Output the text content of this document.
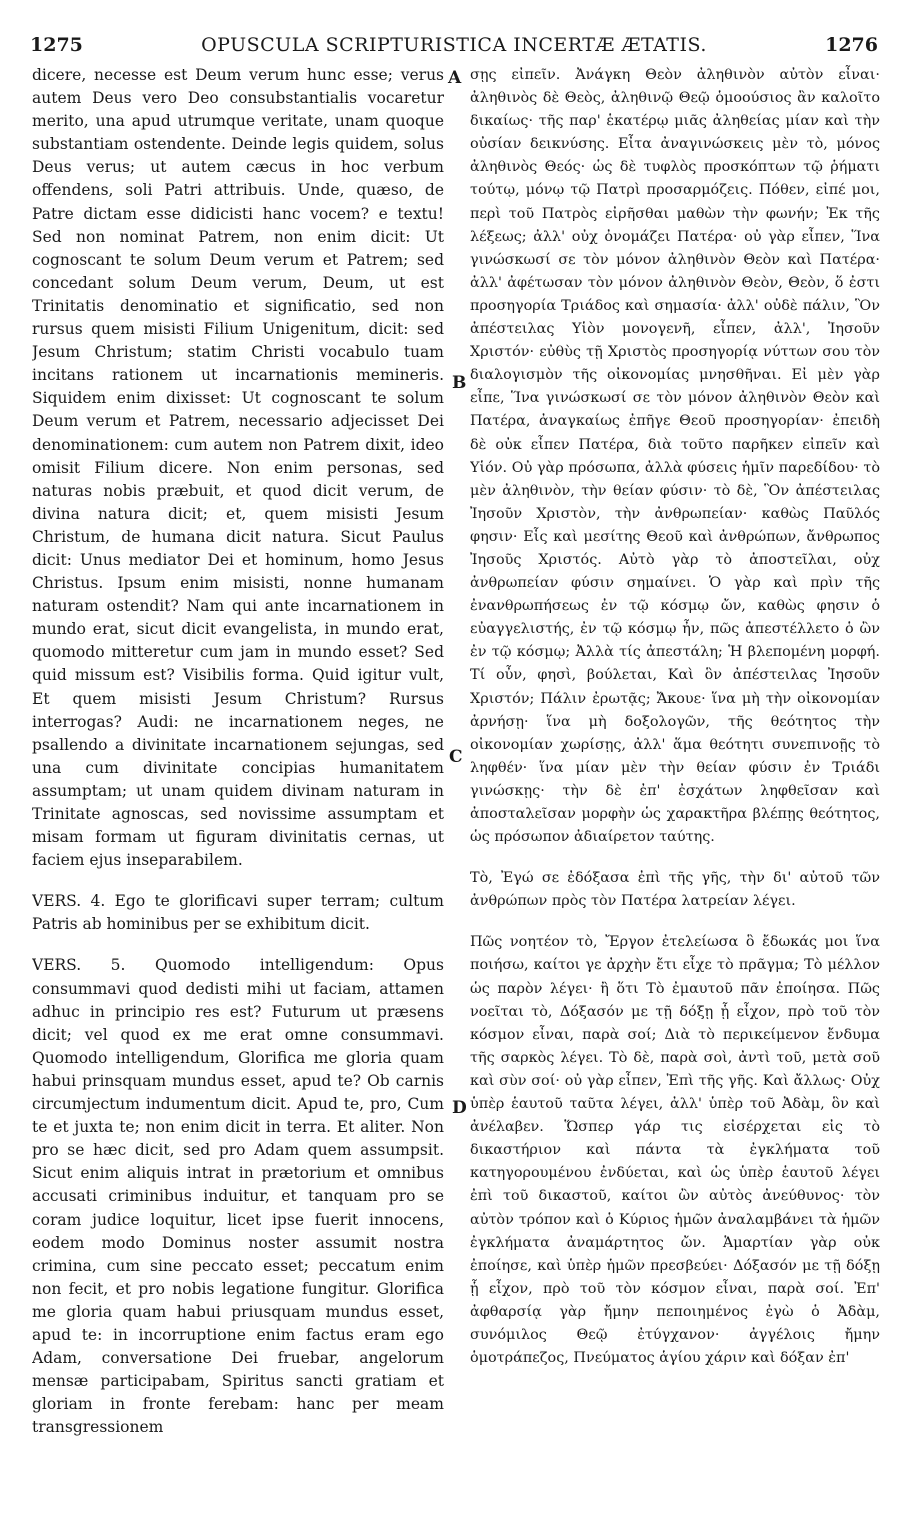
1275	OPUSCULA SCRIPTURISTICA INCERTÆ ÆTATIS.	1276

dicere, necesse est Deum verum hunc esse; verus autem Deus vero Deo consubstantialis vocaretur merito, una apud utrumque veritate, unam quoque substantiam ostendente. Deinde legis quidem, solus Deus verus; ut autem cæcus in hoc verbum offendens, soli Patri attribuis. Unde, quæso, de Patre dictam esse didicisti hanc vocem? e textu! Sed non nominat Patrem, non enim dicit: Ut cognoscant te solum Deum verum et Patrem; sed concedant solum Deum verum, Deum, ut est Trinitatis denominatio et significatio, sed non rursus quem misisti Filium Unigenitum, dicit: sed Jesum Christum; statim Christi vocabulo tuam incitans rationem ut incarnationis memineris. Siquidem enim dixisset: Ut cognoscant te solum Deum verum et Patrem, necessario adjecisset Dei denominationem: cum autem non Patrem dixit, ideo omisit Filium dicere. Non enim personas, sed naturas nobis præbuit, et quod dicit verum, de divina natura dicit; et, quem misisti Jesum Christum, de humana dicit natura. Sicut Paulus dicit: Unus mediator Dei et hominum, homo Jesus Christus. Ipsum enim misisti, nonne humanam naturam ostendit? Nam qui ante incarnationem in mundo erat, sicut dicit evangelista, in mundo erat, quomodo mitteretur cum jam in mundo esset? Sed quid missum est? Visibilis forma. Quid igitur vult, Et quem misisti Jesum Christum? Rursus interrogas? Audi: ne incarnationem neges, ne psallendo a divinitate incarnationem sejungas, sed una cum divinitate concipias humanitatem assumptam; ut unam quidem divinam naturam in Trinitate agnoscas, sed novissime assumptam et misam formam ut figuram divinitatis cernas, ut faciem ejus inseparabilem.

VERS. 4. Ego te glorificavi super terram; cultum Patris ab hominibus per se exhibitum dicit.

VERS. 5. Quomodo intelligendum: Opus consummavi quod dedisti mihi ut faciam, attamen adhuc in principio res est? Futurum ut præsens dicit; vel quod ex me erat omne consummavi. Quomodo intelligendum, Glorifica me gloria quam habui prinsquam mundus esset, apud te? Ob carnis circumjectum indumentum dicit. Apud te, pro, Cum te et juxta te; non enim dicit in terra. Et aliter. Non pro se hæc dicit, sed pro Adam quem assumpsit. Sicut enim aliquis intrat in prætorium et omnibus accusati criminibus induitur, et tanquam pro se coram judice loquitur, licet ipse fuerit innocens, eodem modo Dominus noster assumit nostra crimina, cum sine peccato esset; peccatum enim non fecit, et pro nobis legatione fungitur. Glorifica me gloria quam habui priusquam mundus esset, apud te: in incorruptione enim factus eram ego Adam, conversatione Dei fruebar, angelorum mensæ participabam, Spiritus sancti gratiam et gloriam in fronte ferebam: hanc per meam transgressionem

A
B
C
D

σῃς εἰπεῖν. Ἀνάγκη Θεὸν ἀληθινὸν αὐτὸν εἶναι· ἀληθινὸς δὲ Θεὸς, ἀληθινῷ Θεῷ ὁμοούσιος ἂν καλοῖτο δικαίως· τῆς παρ' ἑκατέρῳ μιᾶς ἀληθείας μίαν καὶ τὴν οὐσίαν δεικνύσης. Εἶτα ἀναγινώσκεις μὲν τὸ, μόνος ἀληθινὸς Θεός· ὡς δὲ τυφλὸς προσκόπτων τῷ ῥήματι τούτῳ, μόνῳ τῷ Πατρὶ προσαρμόζεις. Πόθεν, εἰπέ μοι, περὶ τοῦ Πατρὸς εἰρῆσθαι μαθὼν τὴν φωνήν; Ἐκ τῆς λέξεως; ἀλλ' οὐχ ὀνομάζει Πατέρα· οὐ γὰρ εἶπεν, Ἵνα γινώσκωσί σε τὸν μόνον ἀληθινὸν Θεὸν καὶ Πατέρα· ἀλλ' ἀφέτωσαν τὸν μόνον ἀληθινὸν Θεὸν, Θεὸν, ὅ ἐστι προσηγορία Τριάδος καὶ σημασία· ἀλλ' οὐδὲ πάλιν, Ὃν ἀπέστειλας Υἱὸν μονογενῆ, εἶπεν, ἀλλ', Ἰησοῦν Χριστόν· εὐθὺς τῇ Χριστὸς προσηγορίᾳ νύττων σου τὸν διαλογισμὸν τῆς οἰκονομίας μνησθῆναι. Εἰ μὲν γὰρ εἶπε, Ἵνα γινώσκωσί σε τὸν μόνον ἀληθινὸν Θεὸν καὶ Πατέρα, ἀναγκαίως ἐπῆγε Θεοῦ προσηγορίαν· ἐπειδὴ δὲ οὐκ εἶπεν Πατέρα, διὰ τοῦτο παρῆκεν εἰπεῖν καὶ Υἱόν. Οὐ γὰρ πρόσωπα, ἀλλὰ φύσεις ἡμῖν παρεδίδου· τὸ μὲν ἀληθινὸν, τὴν θείαν φύσιν· τὸ δὲ, Ὃν ἀπέστειλας Ἰησοῦν Χριστὸν, τὴν ἀνθρωπείαν· καθὼς Παῦλός φησιν· Εἷς καὶ μεσίτης Θεοῦ καὶ ἀνθρώπων, ἄνθρωπος Ἰησοῦς Χριστός. Αὐτὸ γὰρ τὸ ἀποστεῖλαι, οὐχ ἀνθρωπείαν φύσιν σημαίνει. Ὁ γὰρ καὶ πρὶν τῆς ἐνανθρωπήσεως ἐν τῷ κόσμῳ ὤν, καθὼς φησιν ὁ εὐαγγελιστής, ἐν τῷ κόσμῳ ἦν, πῶς ἀπεστέλλετο ὁ ὢν ἐν τῷ κόσμῳ; Ἀλλὰ τίς ἀπεστάλη; Ἡ βλεπομένη μορφή. Τί οὖν, φησὶ, βούλεται, Καὶ ὃν ἀπέστειλας Ἰησοῦν Χριστόν; Πάλιν ἐρωτᾷς; Ἄκουε· ἵνα μὴ τὴν οἰκονομίαν ἀρνήσῃ· ἵνα μὴ δοξολογῶν, τῆς θεότητος τὴν οἰκονομίαν χωρίσῃς, ἀλλ' ἅμα θεότητι συνεπινοῇς τὸ ληφθέν· ἵνα μίαν μὲν τὴν θείαν φύσιν ἐν Τριάδι γινώσκῃς· τὴν δὲ ἐπ' ἐσχάτων ληφθεῖσαν καὶ ἀποσταλεῖσαν μορφὴν ὡς χαρακτῆρα βλέπῃς θεότητος, ὡς πρόσωπον ἀδιαίρετον ταύτης.

Τὸ, Ἐγώ σε ἐδόξασα ἐπὶ τῆς γῆς, τὴν δι' αὐτοῦ τῶν ἀνθρώπων πρὸς τὸν Πατέρα λατρείαν λέγει.

Πῶς νοητέον τὸ, Ἔργον ἐτελείωσα ὃ ἔδωκάς μοι ἵνα ποιήσω, καίτοι γε ἀρχὴν ἔτι εἶχε τὸ πρᾶγμα; Τὸ μέλλον ὡς παρὸν λέγει· ἢ ὅτι Τὸ ἐμαυτοῦ πᾶν ἐποίησα. Πῶς νοεῖται τὸ, Δόξασόν με τῇ δόξῃ ᾗ εἶχον, πρὸ τοῦ τὸν κόσμον εἶναι, παρὰ σοί; Διὰ τὸ περικείμενον ἔνδυμα τῆς σαρκὸς λέγει. Τὸ δὲ, παρὰ σοὶ, ἀντὶ τοῦ, μετὰ σοῦ καὶ σὺν σοί· οὐ γὰρ εἶπεν, Ἐπὶ τῆς γῆς. Καὶ ἄλλως· Οὐχ ὑπὲρ ἑαυτοῦ ταῦτα λέγει, ἀλλ' ὑπὲρ τοῦ Ἀδὰμ, ὃν καὶ ἀνέλαβεν. Ὥσπερ γάρ τις εἰσέρχεται εἰς τὸ δικαστήριον καὶ πάντα τὰ ἐγκλήματα τοῦ κατηγορουμένου ἐνδύεται, καὶ ὡς ὑπὲρ ἑαυτοῦ λέγει ἐπὶ τοῦ δικαστοῦ, καίτοι ὢν αὐτὸς ἀνεύθυνος· τὸν αὐτὸν τρόπον καὶ ὁ Κύριος ἡμῶν ἀναλαμβάνει τὰ ἡμῶν ἐγκλήματα ἀναμάρτητος ὤν. Ἁμαρτίαν γὰρ οὐκ ἐποίησε, καὶ ὑπὲρ ἡμῶν πρεσβεύει· Δόξασόν με τῇ δόξῃ ᾗ εἶχον, πρὸ τοῦ τὸν κόσμον εἶναι, παρὰ σοί. Ἐπ' ἀφθαρσίᾳ γὰρ ἤμην πεποιημένος ἐγὼ ὁ Ἀδὰμ, συνόμιλος Θεῷ ἐτύγχανον· ἀγγέλοις ἤμην ὁμοτράπεζος, Πνεύματος ἁγίου χάριν καὶ δόξαν ἐπ'
